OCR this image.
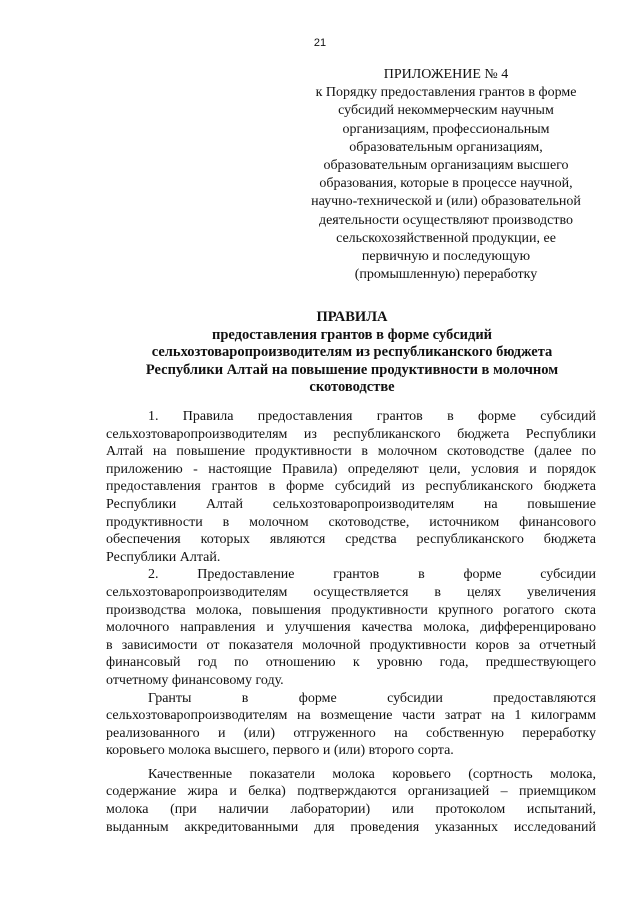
21
ПРИЛОЖЕНИЕ № 4
к Порядку предоставления грантов в форме
субсидий некоммерческим научным
организациям, профессиональным
образовательным организациям,
образовательным организациям высшего
образования, которые в процессе научной,
научно-технической и (или) образовательной
деятельности осуществляют производство
сельскохозяйственной продукции, ее
первичную и последующую
(промышленную) переработку
ПРАВИЛА
предоставления грантов в форме субсидий
сельхозтоваропроизводителям из республиканского бюджета
Республики Алтай на повышение продуктивности в молочном
скотоводстве
1. Правила предоставления грантов в форме субсидий
сельхозтоваропроизводителям из республиканского бюджета Республики
Алтай на повышение продуктивности в молочном скотоводстве (далее по
приложению - настоящие Правила) определяют цели, условия и порядок
предоставления грантов в форме субсидий из республиканского бюджета
Республики Алтай сельхозтоваропроизводителям на повышение
продуктивности в молочном скотоводстве, источником финансового
обеспечения которых являются средства республиканского бюджета
Республики Алтай.
2. Предоставление грантов в форме субсидии
сельхозтоваропроизводителям осуществляется в целях увеличения
производства молока, повышения продуктивности крупного рогатого скота
молочного направления и улучшения качества молока, дифференцировано
в зависимости от показателя молочной продуктивности коров за отчетный
финансовый год по отношению к уровню года, предшествующего
отчетному финансовому году.
Гранты в форме субсидии предоставляются
сельхозтоваропроизводителям на возмещение части затрат на 1 килограмм
реализованного и (или) отгруженного на собственную переработку
коровьего молока высшего, первого и (или) второго сорта.
Качественные показатели молока коровьего (сортность молока,
содержание жира и белка) подтверждаются организацией – приемщиком
молока (при наличии лаборатории) или протоколом испытаний,
выданным аккредитованными для проведения указанных исследований
